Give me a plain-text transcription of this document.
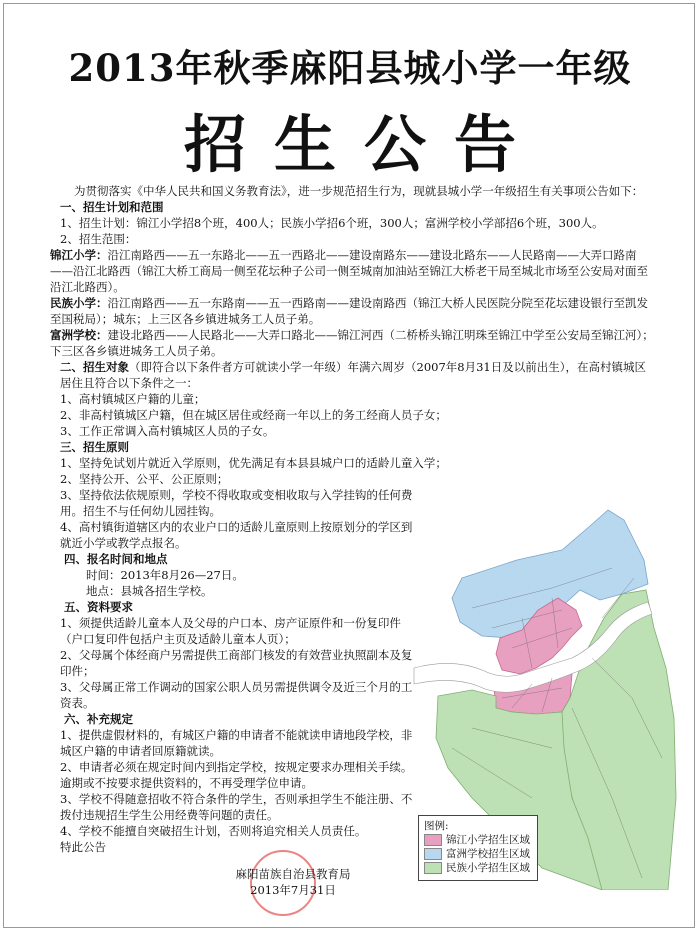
2013年秋季麻阳县城小学一年级
招生公告

为贯彻落实《中华人民共和国义务教育法》，进一步规范招生行为，现就县城小学一年级招生有关事项公告如下：

一、招生计划和范围

1、招生计划：锦江小学招8个班，400人；民族小学招6个班，300人；富洲学校小学部招6个班，300人。

2、招生范围：

锦江小学：沿江南路西——五一东路北——五一西路北——建设南路东——建设北路东——人民路南——大弄口路南——沿江北路西（锦江大桥工商局一侧至花坛种子公司一侧至城南加油站至锦江大桥老干局至城北市场至公安局对面至沿江北路西）。

民族小学：沿江南路西——五一东路南——五一西路南——建设南路西（锦江大桥人民医院分院至花坛建设银行至凯发至国税局）；城东；上三区各乡镇进城务工人员子弟。

富洲学校：建设北路西——人民路北——大弄口路北——锦江河西（二桥桥头锦江明珠至锦江中学至公安局至锦江河）；下三区各乡镇进城务工人员子弟。

二、招生对象（即符合以下条件者方可就读小学一年级）年满六周岁（2007年8月31日及以前出生），在高村镇城区居住且符合以下条件之一：

1、高村镇城区户籍的儿童；

2、非高村镇城区户籍，但在城区居住或经商一年以上的务工经商人员子女；

3、工作正常调入高村镇城区人员的子女。

三、招生原则

1、坚持免试划片就近入学原则，优先满足有本县县城户口的适龄儿童入学；

2、坚持公开、公平、公正原则；

3、坚持依法依规原则，学校不得收取或变相收取与入学挂钩的任何费用。招生不与任何幼儿园挂钩。

4、高村镇街道辖区内的农业户口的适龄儿童原则上按原划分的学区到就近小学或教学点报名。

四、报名时间和地点

时间：2013年8月26—27日。

地点：县城各招生学校。

五、资料要求

1、须提供适龄儿童本人及父母的户口本、房产证原件和一份复印件（户口复印件包括户主页及适龄儿童本人页）；

2、父母属个体经商户另需提供工商部门核发的有效营业执照副本及复印件；

3、父母属正常工作调动的国家公职人员另需提供调令及近三个月的工资表。

六、补充规定

1、提供虚假材料的，有城区户籍的申请者不能就读申请地段学校，非城区户籍的申请者回原籍就读。

2、申请者必须在规定时间内到指定学校，按规定要求办理相关手续。逾期或不按要求提供资料的，不再受理学位申请。

3、学校不得随意招收不符合条件的学生，否则承担学生不能注册、不拨付违规招生学生公用经费等问题的责任。

4、学校不能擅自突破招生计划，否则将追究相关人员责任。

特此公告

图例:
锦江小学招生区域
富洲学校招生区域
民族小学招生区域
麻阳苗族自治县教育局
2013年7月31日
